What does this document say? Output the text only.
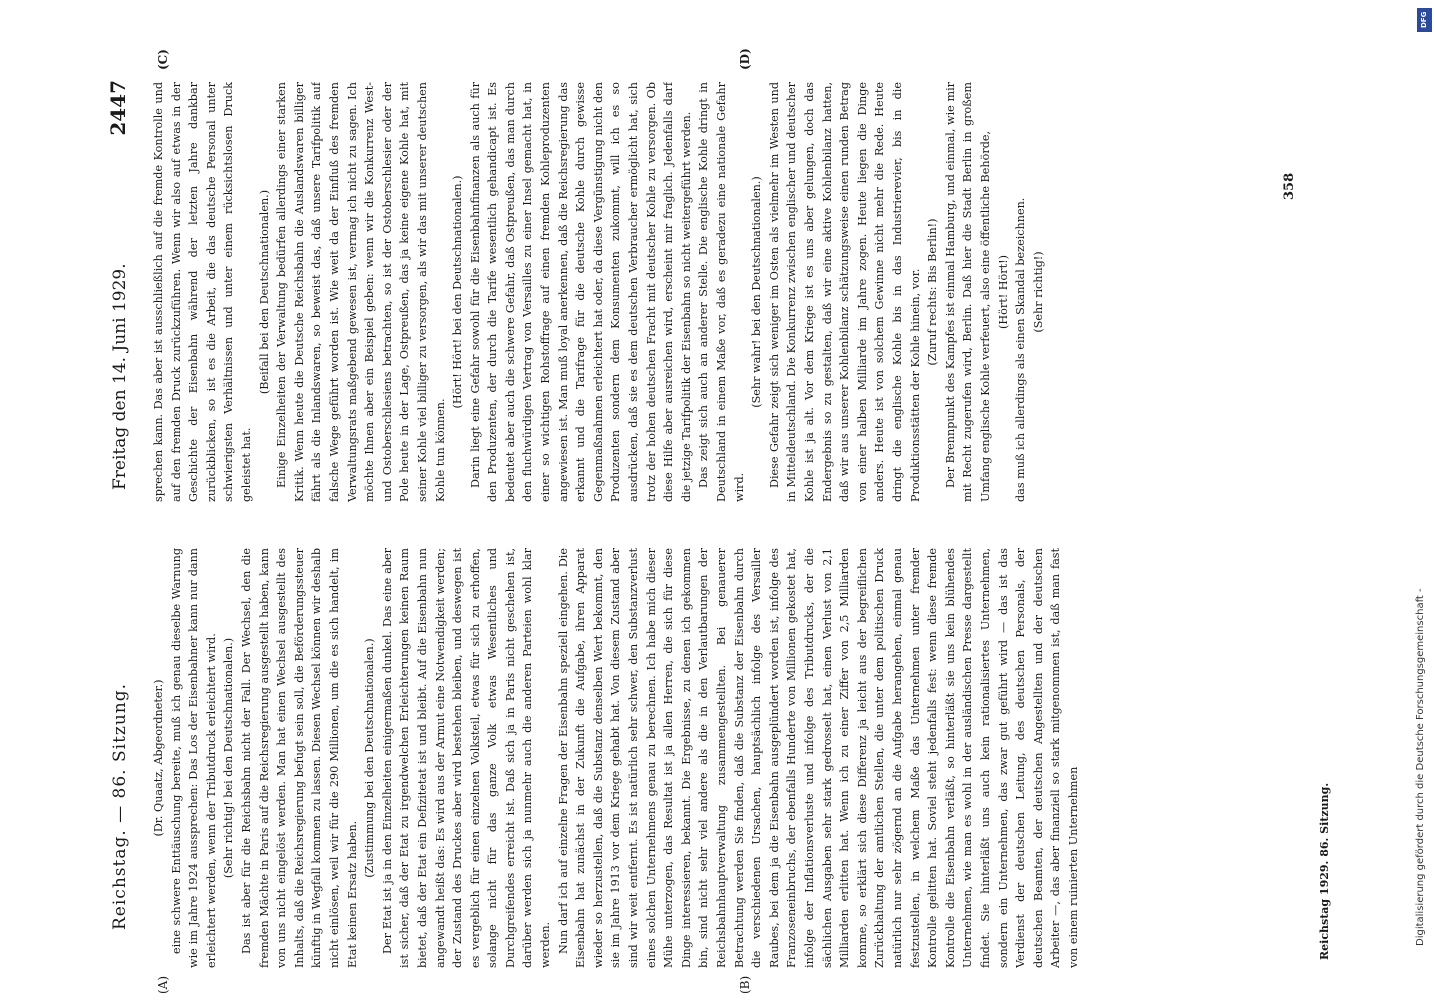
Reichstag. — 86. Sitzung.
Freitag den 14. Juni 1929.
2447
(A)	(B)
(C)	(D)

(Dr. Quaatz, Abgeordneter.) eine schwere Enttäuschung bereite, muß ich genau dieselbe Warnung wie im Jahre 1924 aussprechen: Das Los der Eisenbahner kann nur dann erleichtert werden, wenn der Tributdruck erleichtert wird. (Sehr richtig! bei den Deutschnationalen.) Das ist aber für die Reichsbahn nicht der Fall. Der Wechsel, den die fremden Mächte in Paris auf die Reichsregierung ausgestellt haben, kann von uns nicht eingelöst werden. Man hat einen Wechsel ausgestellt des Inhalts, daß die Reichsregierung befugt sein soll, die Beförderungssteuer künftig in Wegfall kommen zu lassen. Diesen Wechsel können wir deshalb nicht einlösen, weil wir für die 290 Millionen, um die es sich handelt, im Etat keinen Ersatz haben.

(Zustimmung bei den Deutschnationalen.) Der Etat ist ja in den Einzelheiten einigermaßen dunkel. Das eine aber ist sicher, daß der Etat zu irgendwelchen Erleichterungen keinen Raum bietet, daß der Etat ein Defizitetat ist und bleibt. Auf die Eisenbahn nun angewandt heißt das: Es wird aus der Armut eine Notwendigkeit werden; der Zustand des Druckes aber wird bestehen bleiben, und deswegen ist es vergeblich für einen einzelnen Volksteil, etwas für sich zu erhoffen, solange nicht für das ganze Volk etwas Wesentliches und Durchgreifendes erreicht ist. Daß sich ja in Paris nicht geschehen ist, darüber werden sich ja nunmehr auch die anderen Parteien wohl klar werden. Nun darf ich auf einzelne Fragen der Eisenbahn speziell eingehen. Die Eisenbahn hat zunächst in der Zukunft die Aufgabe, ihren Apparat wieder so herzustellen, daß die Substanz denselben Wert bekommt, den sie im Jahre 1913 vor dem Kriege gehabt hat. Von diesem Zustand aber sind wir weit entfernt. Es ist natürlich sehr schwer, den Substanzverlust eines solchen Unternehmens genau zu berechnen. Ich habe mich dieser Mühe unterzogen, das Resultat ist ja allen Herren, die sich für diese Dinge interessieren, bekannt. Die Ergebnisse, zu denen ich gekommen bin, sind nicht sehr viel andere als die in den Verlautbarungen der Reichsbahnhauptverwaltung zusammengestellten. Bei genauerer Betrachtung werden Sie finden, daß die Substanz der Eisenbahn durch die verschiedenen Ursachen, hauptsächlich infolge des Versailler Raubes, bei dem ja die Eisenbahn ausgeplündert worden ist, infolge des Franzoseneinbruchs, der ebenfalls Hunderte von Millionen gekostet hat, infolge der Inflationsverluste und infolge des Tributdrucks, der die sächlichen Ausgaben sehr stark gedrosselt hat, einen Verlust von 2,1 Milliarden erlitten hat. Wenn ich zu einer Ziffer von 2,5 Milliarden komme, so erklärt sich diese Differenz ja leicht aus der begreiflichen Zurückhaltung der amtlichen Stellen, die unter dem politischen Druck natürlich nur sehr zögernd an die Aufgabe herangehen, einmal genau festzustellen, in welchem Maße das Unternehmen unter fremder Kontrolle gelitten hat. Soviel steht jedenfalls fest: wenn diese fremde Kontrolle die Eisenbahn verläßt, so hinterläßt sie uns kein blühendes Unternehmen, wie man es wohl in der ausländischen Presse dargestellt findet. Sie hinterläßt uns auch kein rationalisiertes Unternehmen, sondern ein Unternehmen, das zwar gut geführt wird — das ist das Verdienst der deutschen Leitung, des deutschen Personals, der deutschen Beamten, der deutschen Angestellten und der deutschen Arbeiter —, das aber finanziell so stark mitgenommen ist, daß man fast von einem ruinierten Unternehmen

sprechen kann. Das aber ist ausschließlich auf die fremde Kontrolle und auf den fremden Druck zurückzuführen. Wenn wir also auf etwas in der Geschichte der Eisenbahn während der letzten Jahre dankbar zurückblicken, so ist es die Arbeit, die das deutsche Personal unter schwierigsten Verhältnissen und unter einem rücksichtslosen Druck geleistet hat.

(Beifall bei den Deutschnationalen.) Einige Einzelheiten der Verwaltung bedürfen allerdings einer starken Kritik. Wenn heute die Deutsche Reichsbahn die Auslandswaren billiger fährt als die Inlandswaren, so beweist das, daß unsere Tarifpolitik auf falsche Wege geführt worden ist. Wie weit da der Einfluß des fremden Verwaltungsrats maßgebend gewesen ist, vermag ich nicht zu sagen. Ich möchte Ihnen aber ein Beispiel geben: wenn wir die Konkurrenz West- und Ostoberschlesiens betrachten, so ist der Ostoberschlesier oder der Pole heute in der Lage, Ostpreußen, das ja keine eigene Kohle hat, mit seiner Kohle viel billiger zu versorgen, als wir das mit unserer deutschen Kohle tun können.

(Hört! Hört! bei den Deutschnationalen.) Darin liegt eine Gefahr sowohl für die Eisenbahnfinanzen als auch für den Produzenten, der durch die Tarife wesentlich gehandicapt ist. Es bedeutet aber auch die schwere Gefahr, daß Ostpreußen, das man durch den fluchwürdigen Vertrag von Versailles zu einer Insel gemacht hat, in einer so wichtigen Rohstoffrage auf einen fremden Kohleproduzenten angewiesen ist. Man muß loyal anerkennen, daß die Reichsregierung das erkannt und die Tarifrage für die deutsche Kohle durch gewisse Gegenmaßnahmen erleichtert hat oder, da diese Vergünstigung nicht den Produzenten sondern dem Konsumenten zukommt, will ich es so ausdrücken, daß sie es dem deutschen Verbraucher ermöglicht hat, sich trotz der hohen deutschen Fracht mit deutscher Kohle zu versorgen. Ob diese Hilfe aber ausreichen wird, erscheint mir fraglich. Jedenfalls darf die jetzige Tarifpolitik der Eisenbahn so nicht weitergeführt werden. Das zeigt sich auch an anderer Stelle. Die englische Kohle dringt in Deutschland in einem Maße vor, daß es geradezu eine nationale Gefahr wird.

(Sehr wahr! bei den Deutschnationalen.) Diese Gefahr zeigt sich weniger im Osten als vielmehr im Westen und in Mitteldeutschland. Die Konkurrenz zwischen englischer und deutscher Kohle ist ja alt. Vor dem Kriege ist es uns aber gelungen, doch das Endergebnis so zu gestalten, daß wir eine aktive Kohlenbilanz hatten, daß wir aus unserer Kohlenbilanz schätzungsweise einen runden Betrag von einer halben Milliarde im Jahre zogen. Heute liegen die Dinge anders. Heute ist von solchem Gewinne nicht mehr die Rede. Heute dringt die englische Kohle bis in das Industrierevier, bis in die Produktionsstätten der Kohle hinein, vor. (Zuruf rechts: Bis Berlin!) Der Brennpunkt des Kampfes ist einmal Hamburg, und einmal, wie mir mit Recht zugerufen wird, Berlin. Daß hier die Stadt Berlin in großem Umfang englische Kohle verfeuert, also eine öffentliche Behörde, (Hört! Hört!) das muß ich allerdings als einen Skandal bezeichnen. (Sehr richtig!)

Reichstag 1929. 86. Sitzung.
358
DFG
Digitalisierung gefördert durch die Deutsche Forschungsgemeinschaft -
